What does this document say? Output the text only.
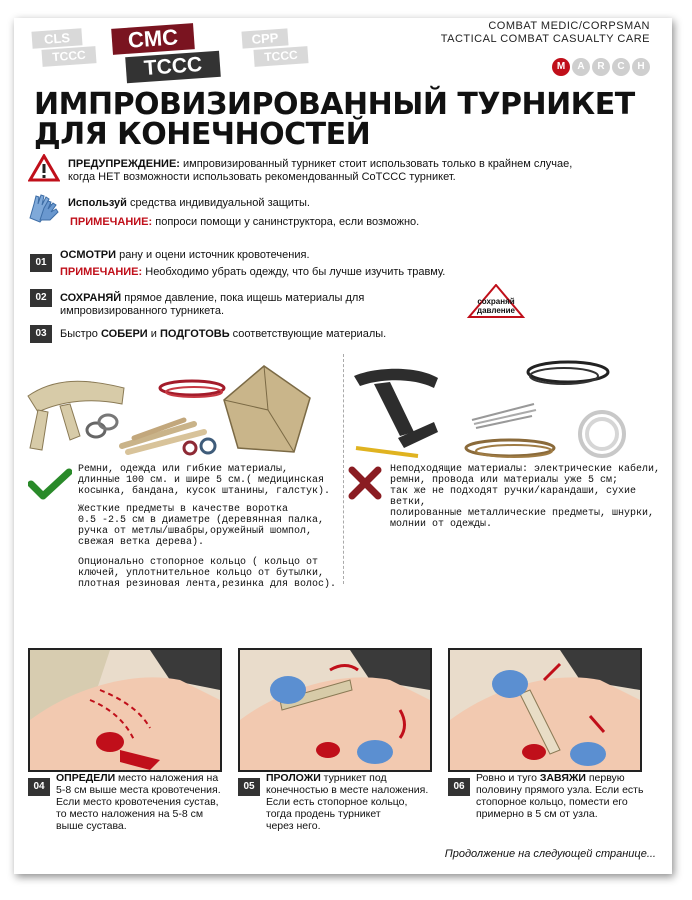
CLS
TCCC
CMC
TCCC
CPP
TCCC
COMBAT MEDIC/CORPSMAN
TACTICAL COMBAT CASUALTY CARE
M A R C H
ИМПРОВИЗИРОВАННЫЙ ТУРНИКЕТ
ДЛЯ КОНЕЧНОСТЕЙ
ПРЕДУПРЕЖДЕНИЕ: импровизированный турникет стоит использовать только в крайнем случае,
когда НЕТ возможности использовать рекомендованный CoTCCC турникет.
Используй средства индивидуальной защиты.
ПРИМЕЧАНИЕ: попроси помощи у санинструктора, если возможно.
01
ОСМОТРИ рану и оцени источник кровотечения.
ПРИМЕЧАНИЕ: Необходимо убрать одежду, что бы лучше изучить травму.
02	СОХРАНЯЙ прямое давление, пока ищешь материалы для
импровизированного турникета.
сохраняй
давление
03	Быстро СОБЕРИ и ПОДГОТОВЬ соответствующие материалы.
Ремни, одежда или гибкие материалы,
длинные 100 см. и шире 5 см.( медицинская
косынка, бандана, кусок штанины, галстук).
Жесткие предметы в качестве воротка
0.5 -2.5 см в диаметре (деревянная палка,
ручка от метлы/швабры,оружейный шомпол,
свежая ветка дерева).
Опционально стопорное кольцо ( кольцо от
ключей, уплотнительное кольцо от бутылки,
плотная резиновая лента,резинка для волос).
Неподходящие материалы: электрические кабели,
ремни, провода или материалы уже 5 см;
так же не подходят ручки/карандаши, сухие ветки,
полированные металлические предметы, шнурки,
молнии от одежды.
04
ОПРЕДЕЛИ место наложения на
5-8 см выше места кровотечения.
Если место кровотечения сустав,
то место наложения на 5-8 см
выше сустава.
05
ПРОЛОЖИ турникет под
конечностью в месте наложения.
Если есть стопорное кольцо,
тогда продень турникет
через него.
06
Ровно и туго ЗАВЯЖИ первую
половину прямого узла. Если есть
стопорное кольцо, помести его
примерно в 5 см от узла.
Продолжение на следующей странице...
